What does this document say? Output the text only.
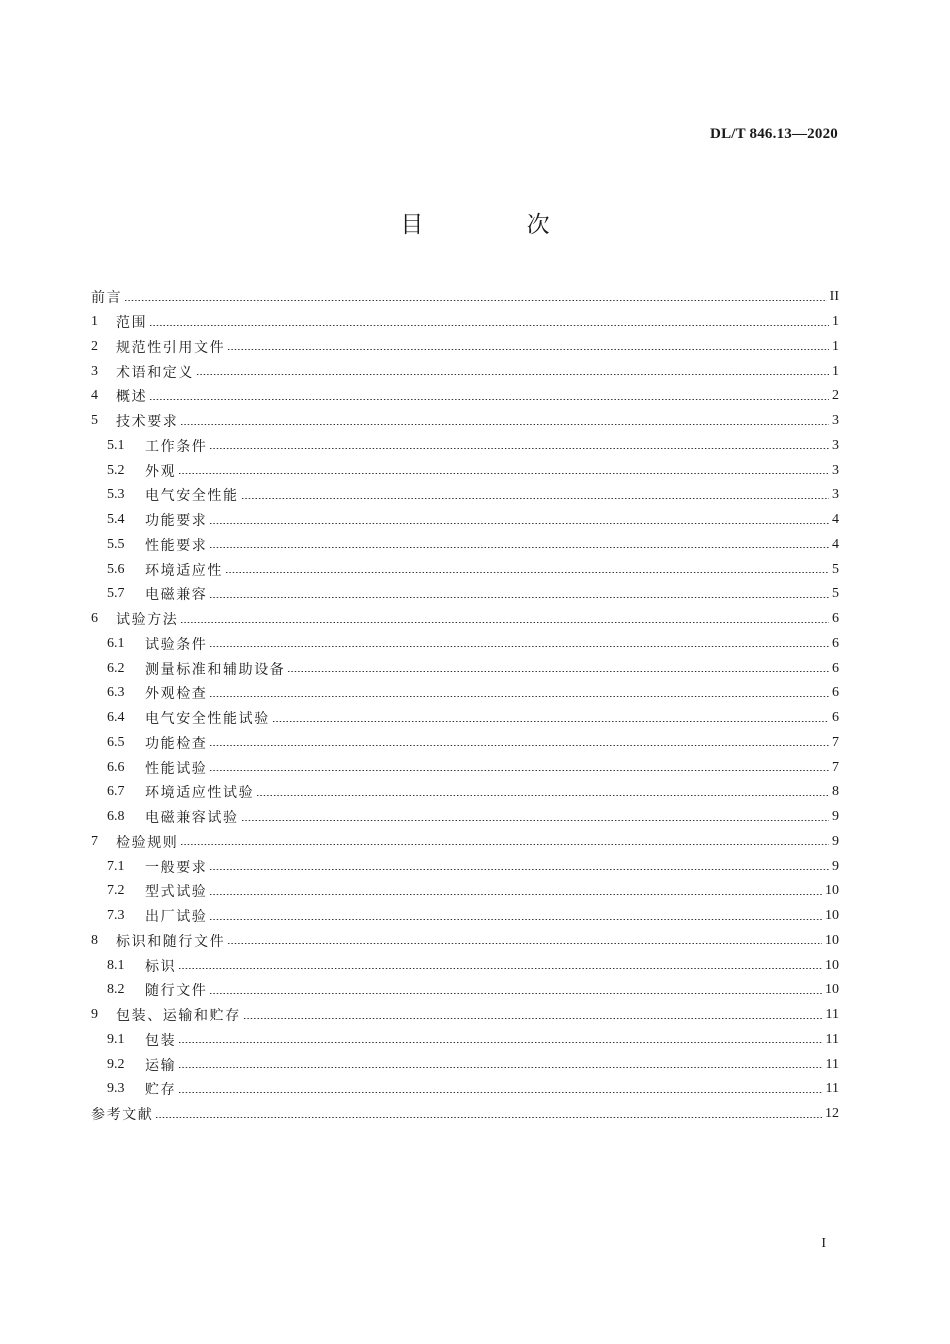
DL/T 846.13—2020
目 次
前言	II
1	范围	1
2	规范性引用文件	1
3	术语和定义	1
4	概述	2
5	技术要求	3
5.1	工作条件	3
5.2	外观	3
5.3	电气安全性能	3
5.4	功能要求	4
5.5	性能要求	4
5.6	环境适应性	5
5.7	电磁兼容	5
6	试验方法	6
6.1	试验条件	6
6.2	测量标准和辅助设备	6
6.3	外观检查	6
6.4	电气安全性能试验	6
6.5	功能检查	7
6.6	性能试验	7
6.7	环境适应性试验	8
6.8	电磁兼容试验	9
7	检验规则	9
7.1	一般要求	9
7.2	型式试验	10
7.3	出厂试验	10
8	标识和随行文件	10
8.1	标识	10
8.2	随行文件	10
9	包装、运输和贮存	11
9.1	包装	11
9.2	运输	11
9.3	贮存	11
参考文献	12
I
